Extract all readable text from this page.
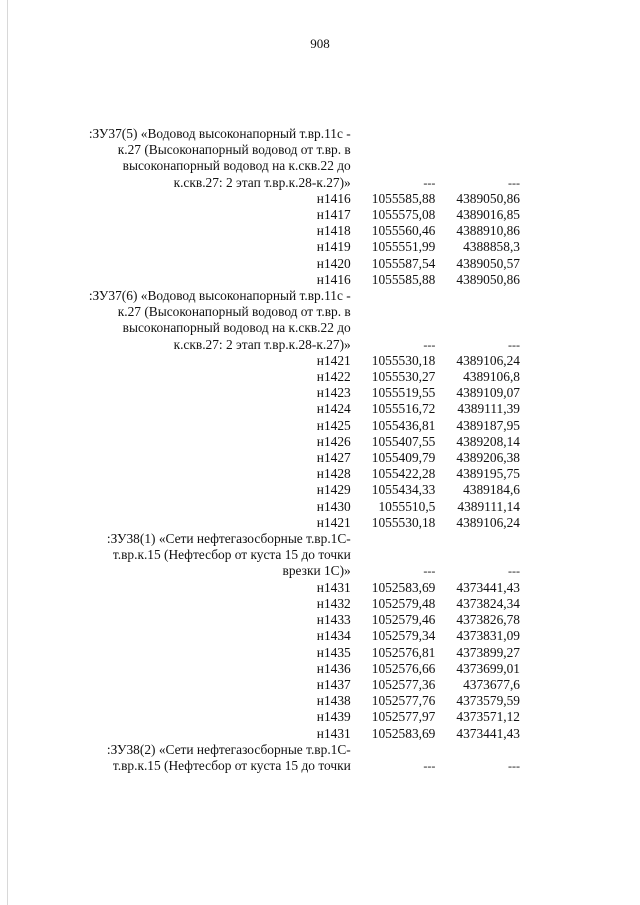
908
:ЗУ37(5) «Водовод высоконапорный т.вр.11с -
к.27 (Высоконапорный водовод от т.вр. в
высоконапорный водовод на к.скв.22 до
к.скв.27: 2 этап т.вр.к.28-к.27)»	---	---
н1416	1055585,88	4389050,86
н1417	1055575,08	4389016,85
н1418	1055560,46	4388910,86
н1419	1055551,99	4388858,3
н1420	1055587,54	4389050,57
н1416	1055585,88	4389050,86
:ЗУ37(6) «Водовод высоконапорный т.вр.11с -
к.27 (Высоконапорный водовод от т.вр. в
высоконапорный водовод на к.скв.22 до
к.скв.27: 2 этап т.вр.к.28-к.27)»	---	---
н1421	1055530,18	4389106,24
н1422	1055530,27	4389106,8
н1423	1055519,55	4389109,07
н1424	1055516,72	4389111,39
н1425	1055436,81	4389187,95
н1426	1055407,55	4389208,14
н1427	1055409,79	4389206,38
н1428	1055422,28	4389195,75
н1429	1055434,33	4389184,6
н1430	1055510,5	4389111,14
н1421	1055530,18	4389106,24
:ЗУ38(1) «Сети нефтегазосборные т.вр.1С-
т.вр.к.15 (Нефтесбор от куста 15 до точки
врезки 1С)»	---	---
н1431	1052583,69	4373441,43
н1432	1052579,48	4373824,34
н1433	1052579,46	4373826,78
н1434	1052579,34	4373831,09
н1435	1052576,81	4373899,27
н1436	1052576,66	4373699,01
н1437	1052577,36	4373677,6
н1438	1052577,76	4373579,59
н1439	1052577,97	4373571,12
н1431	1052583,69	4373441,43
:ЗУ38(2) «Сети нефтегазосборные т.вр.1С-
т.вр.к.15 (Нефтесбор от куста 15 до точки	---	---
